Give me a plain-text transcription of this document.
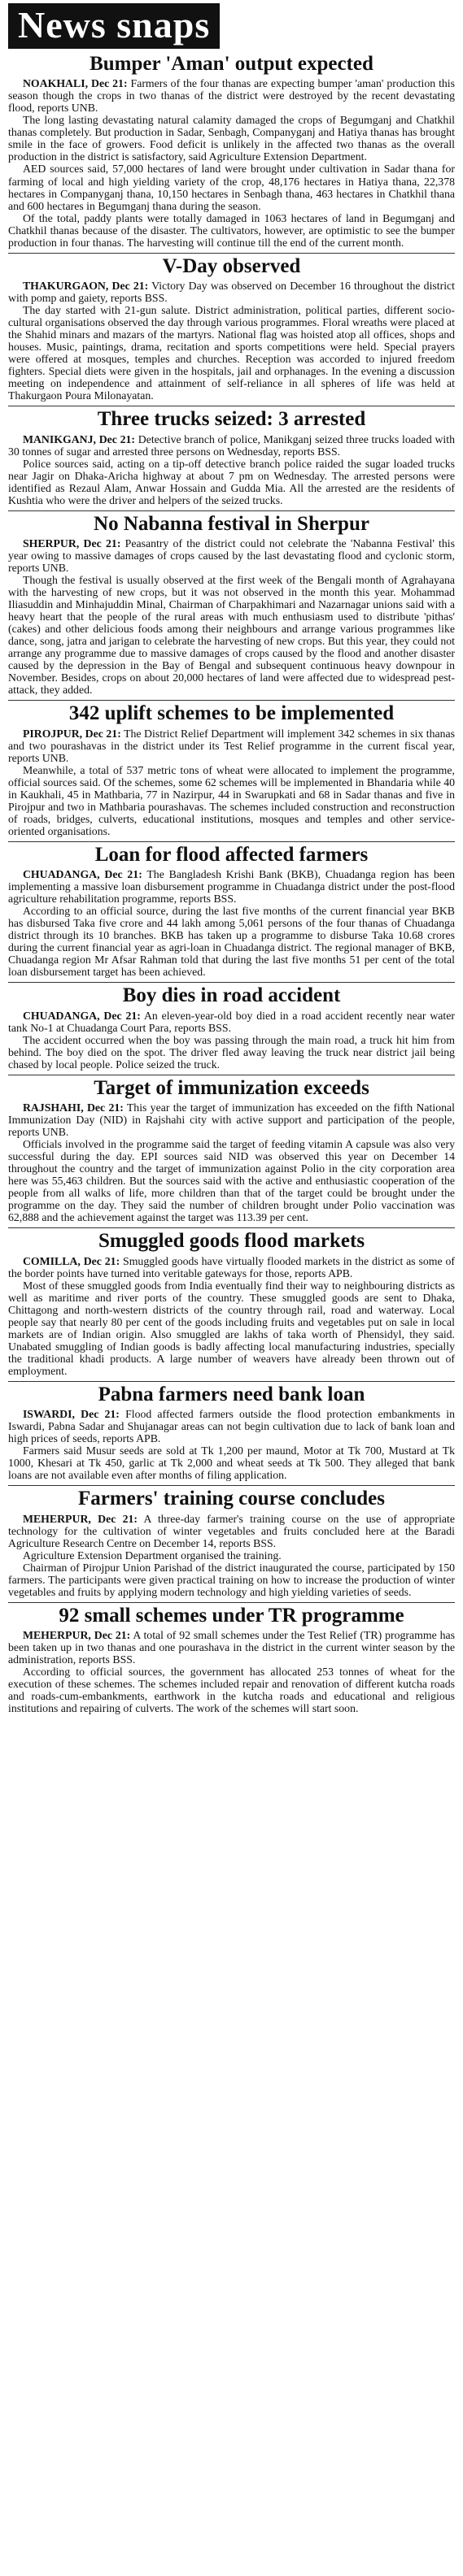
News snaps
Bumper 'Aman' output expected

NOAKHALI, Dec 21: Farmers of the four thanas are expecting bumper 'aman' production this season though the crops in two thanas of the district were destroyed by the recent devastating flood, reports UNB.

The long lasting devastating natural calamity damaged the crops of Begumganj and Chatkhil thanas completely. But production in Sadar, Senbagh, Companyganj and Hatiya thanas has brought smile in the face of growers. Food deficit is unlikely in the affected two thanas as the overall production in the district is satisfactory, said Agriculture Extension Department.

AED sources said, 57,000 hectares of land were brought under cultivation in Sadar thana for farming of local and high yielding variety of the crop, 48,176 hectares in Hatiya thana, 22,378 hectares in Companyganj thana, 10,150 hectares in Senbagh thana, 463 hectares in Chatkhil thana and 600 hectares in Begumganj thana during the season.

Of the total, paddy plants were totally damaged in 1063 hectares of land in Begumganj and Chatkhil thanas because of the disaster. The cultivators, however, are optimistic to see the bumper production in four thanas. The harvesting will continue till the end of the current month.

V-Day observed

THAKURGAON, Dec 21: Victory Day was observed on December 16 throughout the district with pomp and gaiety, reports BSS.

The day started with 21-gun salute. District administration, political parties, different socio-cultural organisations observed the day through various programmes. Floral wreaths were placed at the Shahid minars and mazars of the martyrs. National flag was hoisted atop all offices, shops and houses. Music, paintings, drama, recitation and sports competitions were held. Special prayers were offered at mosques, temples and churches. Reception was accorded to injured freedom fighters. Special diets were given in the hospitals, jail and orphanages. In the evening a discussion meeting on independence and attainment of self-reliance in all spheres of life was held at Thakurgaon Poura Milonayatan.

Three trucks seized: 3 arrested

MANIKGANJ, Dec 21: Detective branch of police, Manikganj seized three trucks loaded with 30 tonnes of sugar and arrested three persons on Wednesday, reports BSS.

Police sources said, acting on a tip-off detective branch police raided the sugar loaded trucks near Jagir on Dhaka-Aricha highway at about 7 pm on Wednesday. The arrested persons were identified as Rezaul Alam, Anwar Hossain and Gudda Mia. All the arrested are the residents of Kushtia who were the driver and helpers of the seized trucks.

No Nabanna festival in Sherpur

SHERPUR, Dec 21: Peasantry of the district could not celebrate the 'Nabanna Festival' this year owing to massive damages of crops caused by the last devastating flood and cyclonic storm, reports UNB.

Though the festival is usually observed at the first week of the Bengali month of Agrahayana with the harvesting of new crops, but it was not observed in the month this year. Mohammad Iliasuddin and Minhajuddin Minal, Chairman of Charpakhimari and Nazarnagar unions said with a heavy heart that the people of the rural areas with much enthusiasm used to distribute 'pithas' (cakes) and other delicious foods among their neighbours and arrange various programmes like dance, song, jatra and jarigan to celebrate the harvesting of new crops. But this year, they could not arrange any programme due to massive damages of crops caused by the flood and another disaster caused by the depression in the Bay of Bengal and subsequent continuous heavy downpour in November. Besides, crops on about 20,000 hectares of land were affected due to widespread pest-attack, they added.

342 uplift schemes to be implemented

PIROJPUR, Dec 21: The District Relief Department will implement 342 schemes in six thanas and two pourashavas in the district under its Test Relief programme in the current fiscal year, reports UNB.

Meanwhile, a total of 537 metric tons of wheat were allocated to implement the programme, official sources said. Of the schemes, some 62 schemes will be implemented in Bhandaria while 40 in Kaukhali, 45 in Mathbaria, 77 in Nazirpur, 44 in Swarupkati and 68 in Sadar thanas and five in Pirojpur and two in Mathbaria pourashavas. The schemes included construction and reconstruction of roads, bridges, culverts, educational institutions, mosques and temples and other service-oriented organisations.

Loan for flood affected farmers

CHUADANGA, Dec 21: The Bangladesh Krishi Bank (BKB), Chuadanga region has been implementing a massive loan disbursement programme in Chuadanga district under the post-flood agriculture rehabilitation programme, reports BSS.

According to an official source, during the last five months of the current financial year BKB has disbursed Taka five crore and 44 lakh among 5,061 persons of the four thanas of Chuadanga district through its 10 branches. BKB has taken up a programme to disburse Taka 10.68 crores during the current financial year as agri-loan in Chuadanga district. The regional manager of BKB, Chuadanga region Mr Afsar Rahman told that during the last five months 51 per cent of the total loan disbursement target has been achieved.

Boy dies in road accident

CHUADANGA, Dec 21: An eleven-year-old boy died in a road accident recently near water tank No-1 at Chuadanga Court Para, reports BSS.

The accident occurred when the boy was passing through the main road, a truck hit him from behind. The boy died on the spot. The driver fled away leaving the truck near district jail being chased by local people. Police seized the truck.

Target of immunization exceeds

RAJSHAHI, Dec 21: This year the target of immunization has exceeded on the fifth National Immunization Day (NID) in Rajshahi city with active support and participation of the people, reports UNB.

Officials involved in the programme said the target of feeding vitamin A capsule was also very successful during the day. EPI sources said NID was observed this year on December 14 throughout the country and the target of immunization against Polio in the city corporation area here was 55,463 children. But the sources said with the active and enthusiastic cooperation of the people from all walks of life, more children than that of the target could be brought under the programme on the day. They said the number of children brought under Polio vaccination was 62,888 and the achievement against the target was 113.39 per cent.

Smuggled goods flood markets

COMILLA, Dec 21: Smuggled goods have virtually flooded markets in the district as some of the border points have turned into veritable gateways for those, reports APB.

Most of these smuggled goods from India eventually find their way to neighbouring districts as well as maritime and river ports of the country. These smuggled goods are sent to Dhaka, Chittagong and north-western districts of the country through rail, road and waterway. Local people say that nearly 80 per cent of the goods including fruits and vegetables put on sale in local markets are of Indian origin. Also smuggled are lakhs of taka worth of Phensidyl, they said. Unabated smuggling of Indian goods is badly affecting local manufacturing industries, specially the traditional khadi products. A large number of weavers have already been thrown out of employment.

Pabna farmers need bank loan

ISWARDI, Dec 21: Flood affected farmers outside the flood protection embankments in Iswardi, Pabna Sadar and Shujanagar areas can not begin cultivation due to lack of bank loan and high prices of seeds, reports APB.

Farmers said Musur seeds are sold at Tk 1,200 per maund, Motor at Tk 700, Mustard at Tk 1000, Khesari at Tk 450, garlic at Tk 2,000 and wheat seeds at Tk 500. They alleged that bank loans are not available even after months of filing application.

Farmers' training course concludes

MEHERPUR, Dec 21: A three-day farmer's training course on the use of appropriate technology for the cultivation of winter vegetables and fruits concluded here at the Baradi Agriculture Research Centre on December 14, reports BSS.

Agriculture Extension Department organised the training.

Chairman of Pirojpur Union Parishad of the district inaugurated the course, participated by 150 farmers. The participants were given practical training on how to increase the production of winter vegetables and fruits by applying modern technology and high yielding varieties of seeds.

92 small schemes under TR programme

MEHERPUR, Dec 21: A total of 92 small schemes under the Test Relief (TR) programme has been taken up in two thanas and one pourashava in the district in the current winter season by the administration, reports BSS.

According to official sources, the government has allocated 253 tonnes of wheat for the execution of these schemes. The schemes included repair and renovation of different kutcha roads and roads-cum-embankments, earthwork in the kutcha roads and educational and religious institutions and repairing of culverts. The work of the schemes will start soon.
